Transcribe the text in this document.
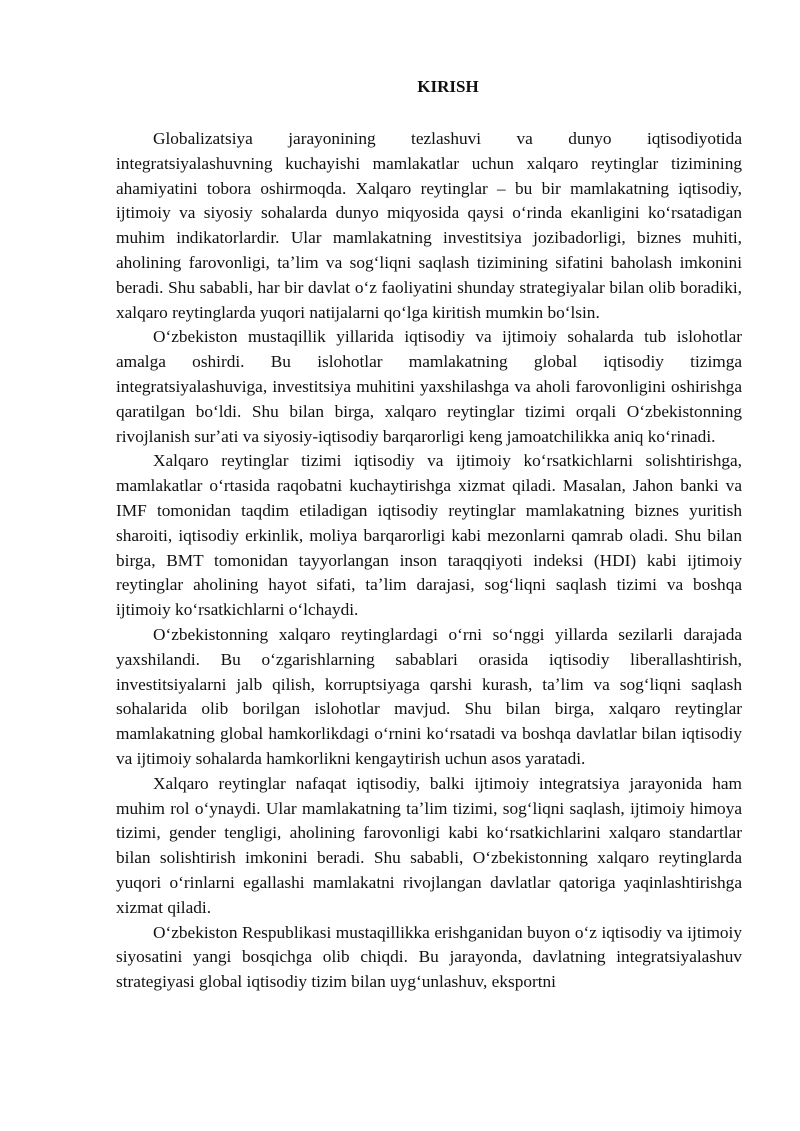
KIRISH

Globalizatsiya jarayonining tezlashuvi va dunyo iqtisodiyotida integratsiyalashuvning kuchayishi mamlakatlar uchun xalqaro reytinglar tizimining ahamiyatini tobora oshirmoqda. Xalqaro reytinglar – bu bir mamlakatning iqtisodiy, ijtimoiy va siyosiy sohalarda dunyo miqyosida qaysi oʻrinda ekanligini koʻrsatadigan muhim indikatorlardir. Ular mamlakatning investitsiya jozibadorligi, biznes muhiti, aholining farovonligi, taʼlim va sogʻliqni saqlash tizimining sifatini baholash imkonini beradi. Shu sababli, har bir davlat oʻz faoliyatini shunday strategiyalar bilan olib boradiki, xalqaro reytinglarda yuqori natijalarni qoʻlga kiritish mumkin boʻlsin.

Oʻzbekiston mustaqillik yillarida iqtisodiy va ijtimoiy sohalarda tub islohotlar amalga oshirdi. Bu islohotlar mamlakatning global iqtisodiy tizimga integratsiyalashuviga, investitsiya muhitini yaxshilashga va aholi farovonligini oshirishga qaratilgan boʻldi. Shu bilan birga, xalqaro reytinglar tizimi orqali Oʻzbekistonning rivojlanish surʼati va siyosiy-iqtisodiy barqarorligi keng jamoatchilikka aniq koʻrinadi.

Xalqaro reytinglar tizimi iqtisodiy va ijtimoiy koʻrsatkichlarni solishtirishga, mamlakatlar oʻrtasida raqobatni kuchaytirishga xizmat qiladi. Masalan, Jahon banki va IMF tomonidan taqdim etiladigan iqtisodiy reytinglar mamlakatning biznes yuritish sharoiti, iqtisodiy erkinlik, moliya barqarorligi kabi mezonlarni qamrab oladi. Shu bilan birga, BMT tomonidan tayyorlangan inson taraqqiyoti indeksi (HDI) kabi ijtimoiy reytinglar aholining hayot sifati, taʼlim darajasi, sogʻliqni saqlash tizimi va boshqa ijtimoiy koʻrsatkichlarni oʻlchaydi.

Oʻzbekistonning xalqaro reytinglardagi oʻrni soʻnggi yillarda sezilarli darajada yaxshilandi. Bu oʻzgarishlarning sabablari orasida iqtisodiy liberallashtirish, investitsiyalarni jalb qilish, korruptsiyaga qarshi kurash, taʼlim va sogʻliqni saqlash sohalarida olib borilgan islohotlar mavjud. Shu bilan birga, xalqaro reytinglar mamlakatning global hamkorlikdagi oʻrnini koʻrsatadi va boshqa davlatlar bilan iqtisodiy va ijtimoiy sohalarda hamkorlikni kengaytirish uchun asos yaratadi.

Xalqaro reytinglar nafaqat iqtisodiy, balki ijtimoiy integratsiya jarayonida ham muhim rol oʻynaydi. Ular mamlakatning taʼlim tizimi, sogʻliqni saqlash, ijtimoiy himoya tizimi, gender tengligi, aholining farovonligi kabi koʻrsatkichlarini xalqaro standartlar bilan solishtirish imkonini beradi. Shu sababli, Oʻzbekistonning xalqaro reytinglarda yuqori oʻrinlarni egallashi mamlakatni rivojlangan davlatlar qatoriga yaqinlashtirishga xizmat qiladi.

Oʻzbekiston Respublikasi mustaqillikka erishganidan buyon oʻz iqtisodiy va ijtimoiy siyosatini yangi bosqichga olib chiqdi. Bu jarayonda, davlatning integratsiyalashuv strategiyasi global iqtisodiy tizim bilan uygʻunlashuv, eksportni
